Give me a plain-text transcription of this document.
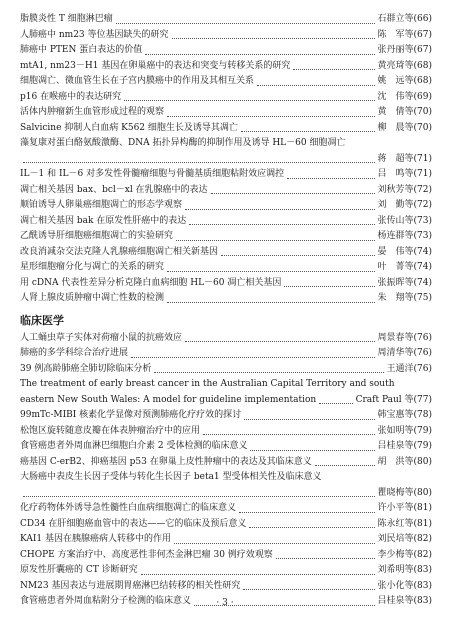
脂膜炎性 T 细胞淋巴瘤	石群立等(66)
人肺癌中 nm23 等位基因缺失的研究	陈　军等(67)
肺癌中 PTEN 蛋白表达的价值	张丹丽等(67)
mtA1, nm23－H1 基因在卵巢癌中的表达和突变与转移关系的研究	黄亮琦等(68)
细胞凋亡、微血管生长在子宫内膜癌中的作用及其相互关系	姚　远等(68)
p16 在喉癌中的表达研究	沈　伟等(69)
活体内肿瘤新生血管形成过程的观察	黄　倩等(70)
Salvicine 抑制人白血病 K562 细胞生长及诱导其凋亡	柳　晨等(70)
藻复康对蛋白酪氨酸激酶、DNA 拓扑异构酶的抑制作用及诱导 HL－60 细胞凋亡
蒋　超等(71)
IL－1 和 IL－6 对多发性骨髓瘤细胞与骨髓基质细胞粘附效应调控	吕　鸣等(71)
凋亡相关基因 bax、bcl－xl 在乳腺癌中的表达	刘秋芳等(72)
顺铂诱导人卵巢癌细胞凋亡的形态学观察	刘　勤等(72)
凋亡相关基因 bak 在原发性肝癌中的表达	张传山等(73)
乙酰诱导肝细胞癌细胞凋亡的实验研究	杨连群等(73)
改良消减杂交法克隆人乳腺癌细胞凋亡相关新基因	晏　伟等(74)
星形细胞瘤分化与凋亡的关系的研究	叶　菁等(74)
用 cDNA 代表性差异分析克隆白血病细胞 HL－60 凋亡相关基因	张振晖等(74)
人肾上腺皮质肿瘤中凋亡性数的检测	朱　翔等(75)
临床医学
人工蛹虫草子实体对荷瘤小鼠的抗癌效应	周景春等(76)
肺癌的多学科综合治疗进展	周清华等(76)
39 例高龄肺癌全肺切除临床分析	王通洋(76)
The treatment of early breast cancer in the Australian Capital Territory and south
eastern New South Wales: A model for guideline implementation	Craft Paul 等(77)
99mTc-MIBI 核素化学显像对预测肺癌化疗疗效的探讨	韩宝惠等(78)
松饱区旋转随意皮瓣在体表肿瘤治疗中的应用	张如明等(79)
食管癌患者外周血淋巴细胞白介素 2 受体检测的临床意义	吕桂泉等(79)
癌基因 C-erB2、抑癌基因 p53 在卵巢上皮性肿瘤中的表达及其临床意义	胡　洪等(80)
大肠癌中表皮生长因子受体与转化生长因子 beta1 型受体相关性及临床意义
瞿晓梅等(80)
化疗药物体外诱导急性髓性白血病细胞凋亡的临床意义	许小平等(81)
CD34 在肝细胞癌血管中的表达——它的临床及预后意义	陈永红等(81)
KAI1 基因在胰腺癌病人转移中的作用	刘民培等(82)
CHOPE 方案治疗中、高度恶性非何杰金淋巴瘤 30 例疗效观察	李少梅等(82)
原发性肝囊癌的 CT 诊断研究	刘希明等(83)
NM23 基因表达与进展期胃癌淋巴结转移的相关性研究	张小化等(83)
食管癌患者外周血粘附分子检测的临床意义	吕桂泉等(83)
· 3 ·
